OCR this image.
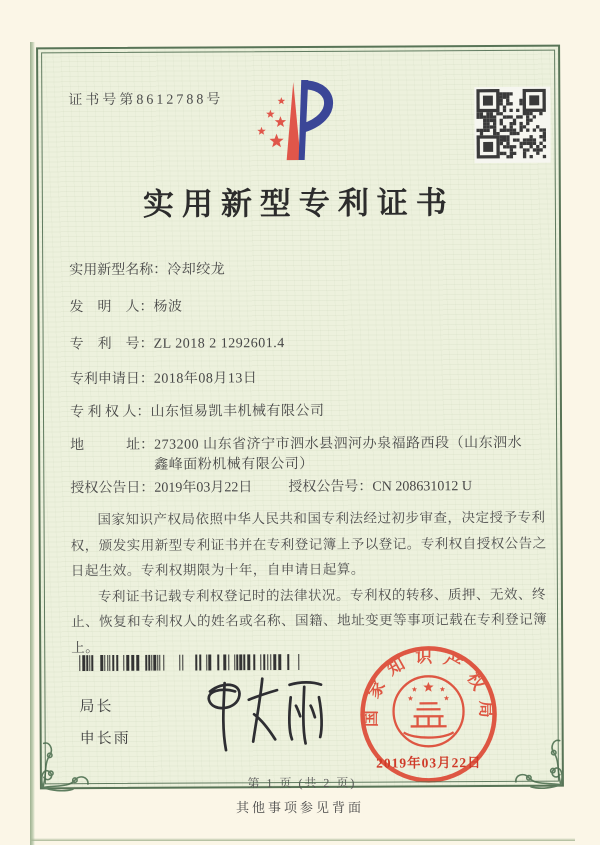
证书号第8612788号
实用新型专利证书
实用新型名称： 冷却绞龙
发　明　人： 杨波
专　利　号： ZL 2018 2 1292601.4
专利申请日： 2018年08月13日
专 利 权 人： 山东恒易凯丰机械有限公司
地　　　址： 273200 山东省济宁市泗水县泗河办泉福路西段（山东泗水鑫峰面粉机械有限公司）
授权公告日： 2019年03月22日	授权公告号： CN 208631012 U

国家知识产权局依照中华人民共和国专利法经过初步审查，决定授予专利权，颁发实用新型专利证书并在专利登记簿上予以登记。专利权自授权公告之日起生效。专利权期限为十年，自申请日起算。

专利证书记载专利权登记时的法律状况。专利权的转移、质押、无效、终止、恢复和专利权人的姓名或名称、国籍、地址变更等事项记载在专利登记簿上。

局长
申长雨
国家知识产权局
2019年03月22日
第 1 页 (共 2 页)
其他事项参见背面
